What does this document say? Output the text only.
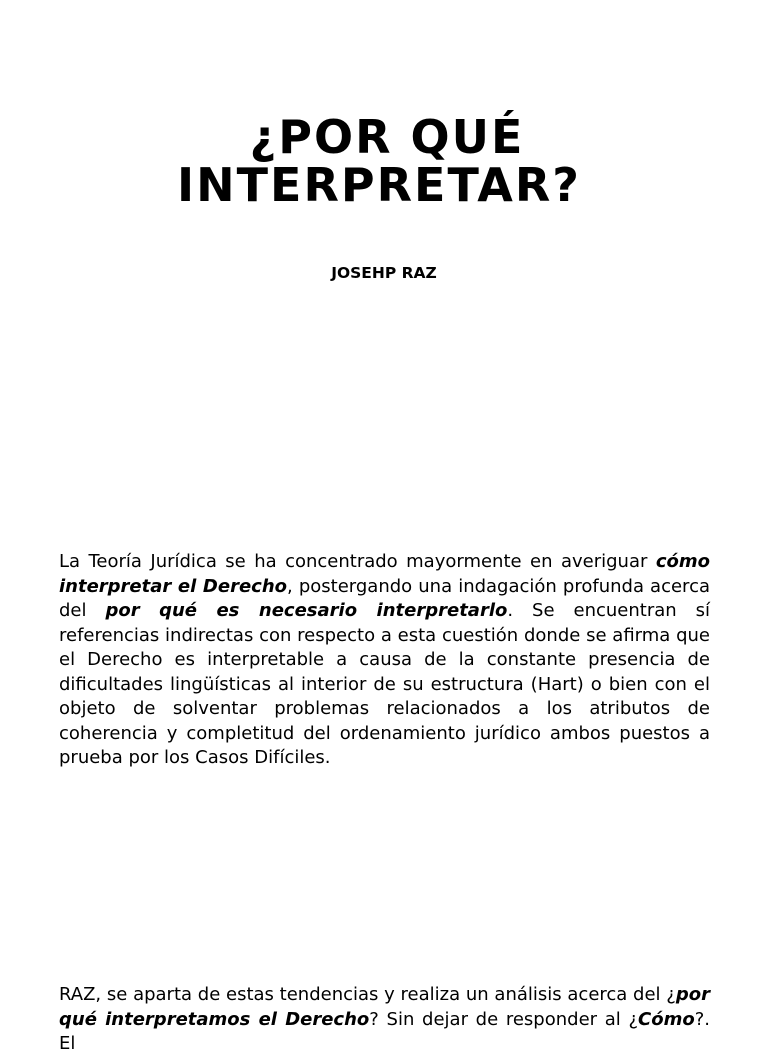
¿POR QUÉ
INTERPRETAR?
JOSEHP RAZ

La Teoría Jurídica se ha concentrado mayormente en averiguar cómo interpretar el Derecho, postergando una indagación profunda acerca del por qué es necesario interpretarlo. Se encuentran sí referencias indirectas con respecto a esta cuestión donde se afirma que el Derecho es interpretable a causa de la constante presencia de dificultades lingüísticas al interior de su estructura (Hart) o bien con el objeto de solventar problemas relacionados a los atributos de coherencia y completitud del ordenamiento jurídico ambos puestos a prueba por los Casos Difíciles.

RAZ, se aparta de estas tendencias y realiza un análisis acerca del ¿por qué interpretamos el Derecho? Sin dejar de responder al ¿Cómo?. El
